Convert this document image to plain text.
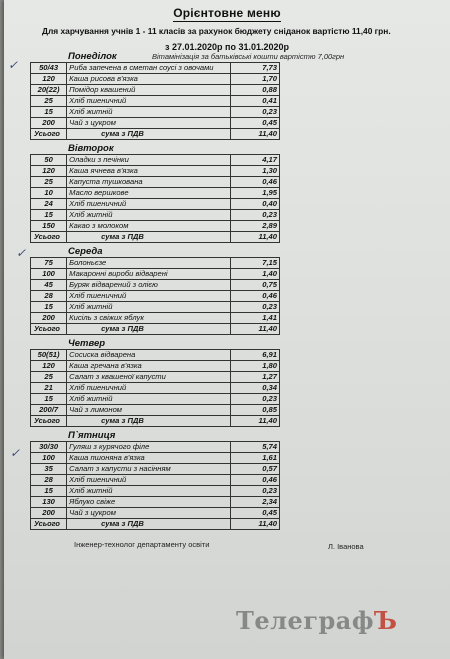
Орієнтовне меню
Для харчування учнів 1 - 11 класів за рахунок бюджету сніданок вартістю 11,40 грн.
з 27.01.2020р по 31.01.2020р
Понеділок	Вітамінізація за батьківські кошти вартістю 7,00грн
50/43	Риба запечена в сметан соусі з овочами	7,73
120	Каша рисова в'язка	1,70
20(22)	Помідор квашений	0,88
25	Хліб пшеничний	0,41
15	Хліб житній	0,23
200	Чай з цукром	0,45
Усього	сума з ПДВ	11,40
Вівторок
50	Оладки з печінки	4,17
120	Каша ячнева в'язка	1,30
25	Капуста тушкована	0,46
10	Масло вершкове	1,95
24	Хліб пшеничний	0,40
15	Хліб житній	0,23
150	Какао з молоком	2,89
Усього	сума з ПДВ	11,40
Середа
75	Болоньєзе	7,15
100	Макаронні вироби відварені	1,40
45	Буряк відварений з олією	0,75
28	Хліб пшеничний	0,46
15	Хліб житній	0,23
200	Кисіль з свіжих яблук	1,41
Усього	сума з ПДВ	11,40
Четвер
50(51)	Сосиска відварена	6,91
120	Каша гречана в'язка	1,80
25	Салат з квашеної капусти	1,27
21	Хліб пшеничний	0,34
15	Хліб житній	0,23
200/7	Чай з лимоном	0,85
Усього	сума з ПДВ	11,40
П`ятниця
30/30	Гуляш з курячого філе	5,74
100	Каша пшоняна в'язка	1,61
35	Салат з капусти з насінням	0,57
28	Хліб пшеничний	0,46
15	Хліб житній	0,23
130	Яблуко свіже	2,34
200	Чай з цукром	0,45
Усього	сума з ПДВ	11,40
✓
✓
✓
Інженер-технолог департаменту освіти	Л. Іванова
ТелеграфЪ
